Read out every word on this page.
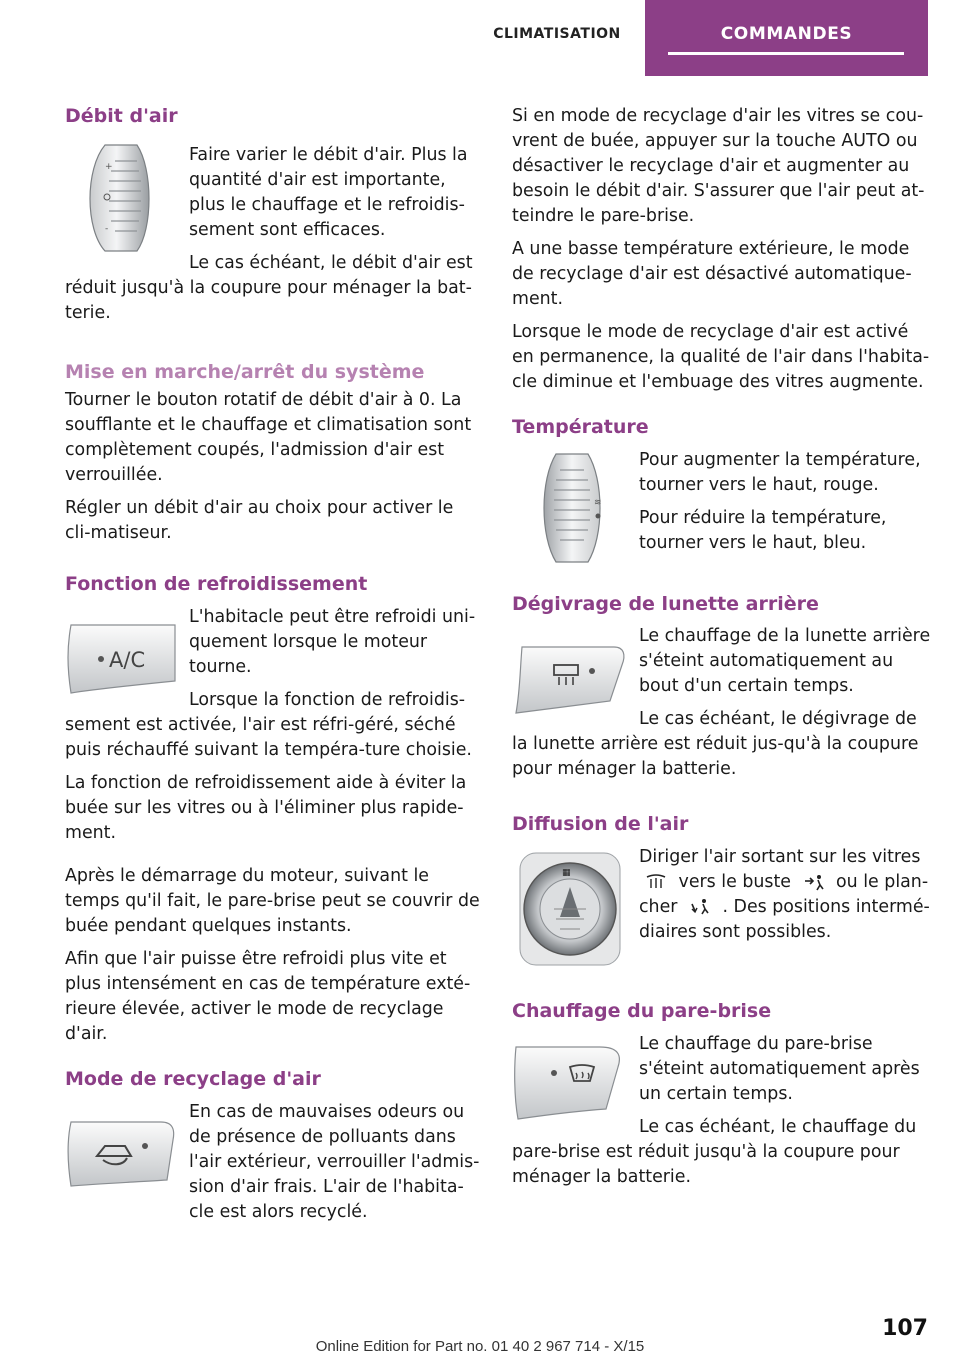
CLIMATISATION	COMMANDES
Débit d'air
+
-

Faire varier le débit d'air. Plus la quantité d'air est importante, plus le chauffage et le refroidis-sement sont efficaces.

Le cas échéant, le débit d'air est réduit jusqu'à la coupure pour ménager la bat-terie.

Mise en marche/arrêt du système

Tourner le bouton rotatif de débit d'air à 0. La soufflante et le chauffage et climatisation sont complètement coupés, l'admission d'air est verrouillée.

Régler un débit d'air au choix pour activer le cli-matiseur.

Fonction de refroidissement
A/C

L'habitacle peut être refroidi uni-quement lorsque le moteur tourne.

Lorsque la fonction de refroidis-sement est activée, l'air est réfri-géré, séché puis réchauffé suivant la tempéra-ture choisie.

La fonction de refroidissement aide à éviter la buée sur les vitres ou à l'éliminer plus rapide-ment.

Après le démarrage du moteur, suivant le temps qu'il fait, le pare-brise peut se couvrir de buée pendant quelques instants.

Afin que l'air puisse être refroidi plus vite et plus intensément en cas de température exté-rieure élevée, activer le mode de recyclage d'air.

Mode de recyclage d'air

En cas de mauvaises odeurs ou de présence de polluants dans l'air extérieur, verrouiller l'admis-sion d'air frais. L'air de l'habita-cle est alors recyclé.

Si en mode de recyclage d'air les vitres se cou-vrent de buée, appuyer sur la touche AUTO ou désactiver le recyclage d'air et augmenter au besoin le débit d'air. S'assurer que l'air peut at-teindre le pare-brise.

A une basse température extérieure, le mode de recyclage d'air est désactivé automatique-ment.

Lorsque le mode de recyclage d'air est activé en permanence, la qualité de l'air dans l'habita-cle diminue et l'embuage des vitres augmente.

Température
≋

Pour augmenter la température, tourner vers le haut, rouge.

Pour réduire la température, tourner vers le haut, bleu.

Dégivrage de lunette arrière

Le chauffage de la lunette arrière s'éteint automatiquement au bout d'un certain temps.

Le cas échéant, le dégivrage de la lunette arrière est réduit jus-qu'à la coupure pour ménager la batterie.

Diffusion de l'air
▦

Diriger l'air sortant sur les vitres  vers le buste	ou le plan-cher	. Des positions intermé-diaires sont possibles.

Chauffage du pare-brise

Le chauffage du pare-brise s'éteint automatiquement après un certain temps.

Le cas échéant, le chauffage du pare-brise est réduit jusqu'à la coupure pour ménager la batterie.

107
Online Edition for Part no. 01 40 2 967 714 - X/15
